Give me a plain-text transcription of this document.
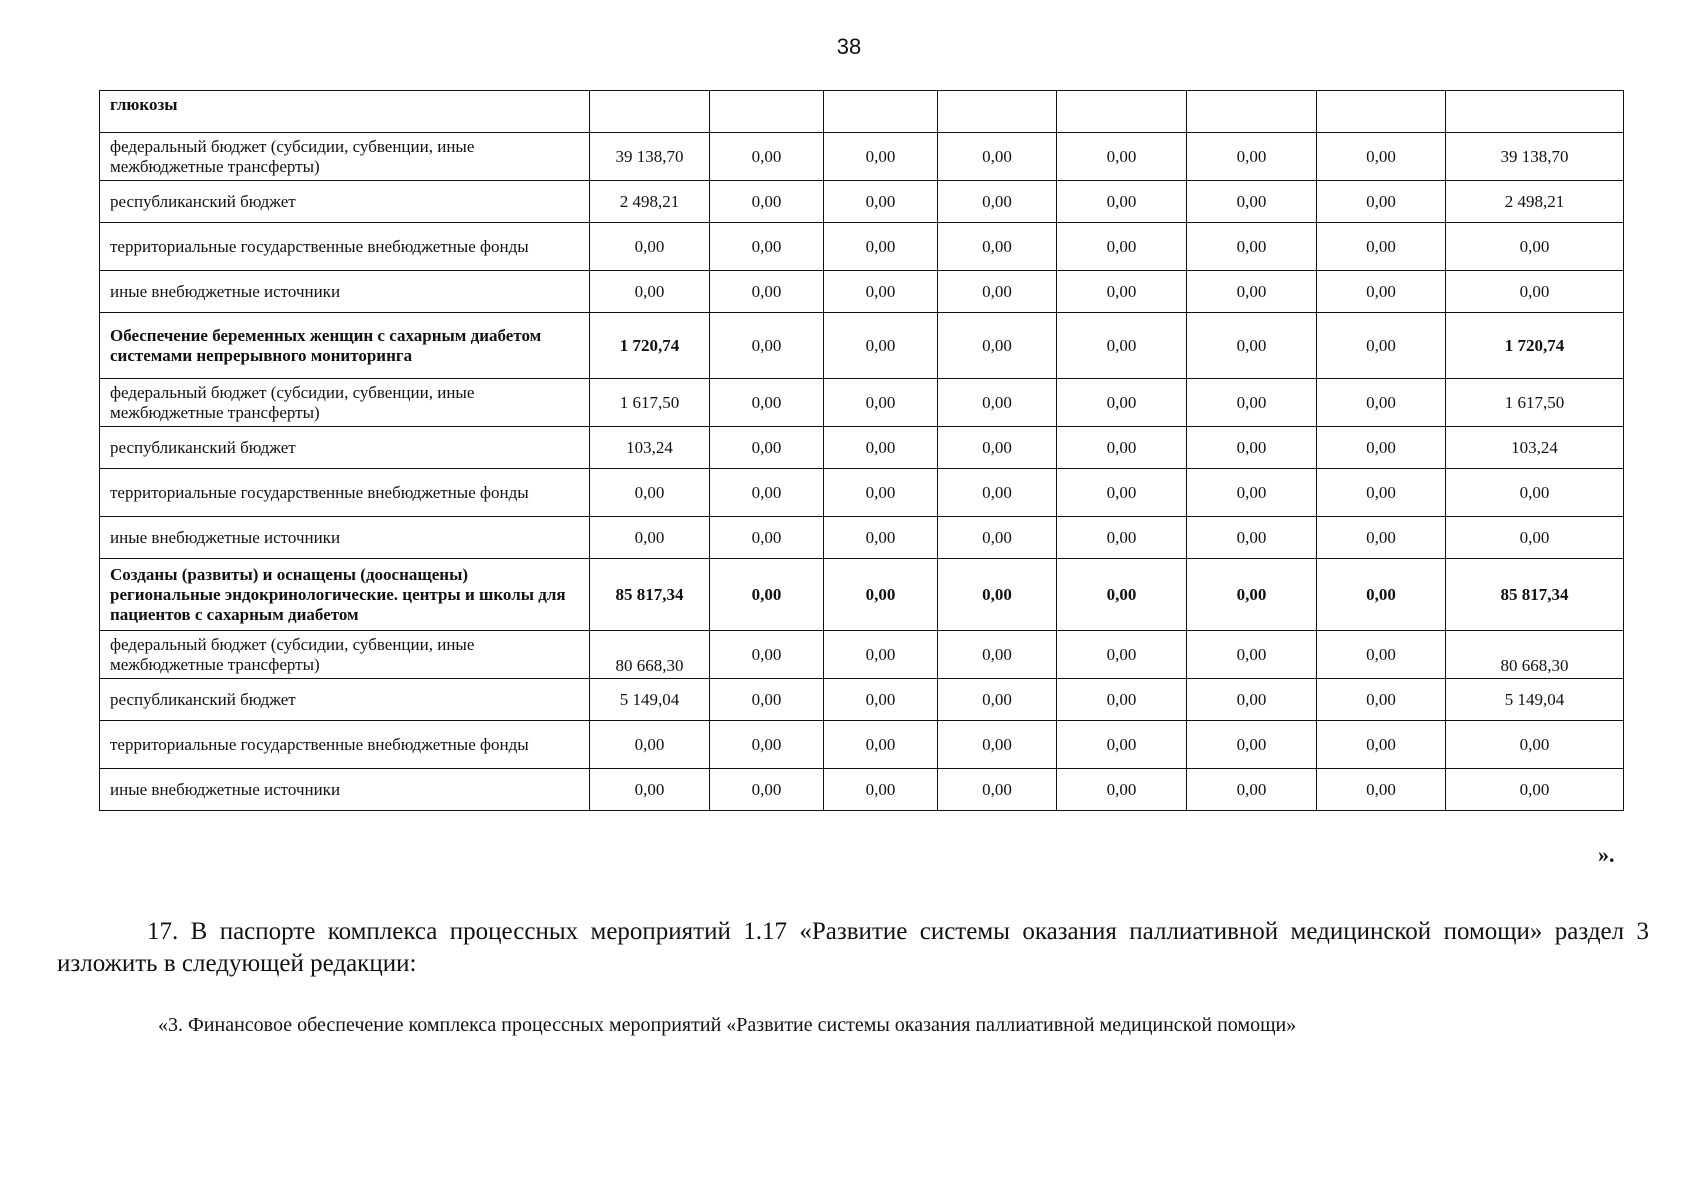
38
глюкозы								
федеральный бюджет (субсидии, субвенции, иные межбюджетные трансферты)	39 138,70	0,00	0,00	0,00	0,00	0,00	0,00	39 138,70
республиканский бюджет	2 498,21	0,00	0,00	0,00	0,00	0,00	0,00	2 498,21
территориальные государственные внебюджетные фонды	0,00	0,00	0,00	0,00	0,00	0,00	0,00	0,00
иные внебюджетные источники	0,00	0,00	0,00	0,00	0,00	0,00	0,00	0,00
Обеспечение беременных женщин с сахарным диабетом системами непрерывного мониторинга	1 720,74	0,00	0,00	0,00	0,00	0,00	0,00	1 720,74
федеральный бюджет (субсидии, субвенции, иные межбюджетные трансферты)	1 617,50	0,00	0,00	0,00	0,00	0,00	0,00	1 617,50
республиканский бюджет	103,24	0,00	0,00	0,00	0,00	0,00	0,00	103,24
территориальные государственные внебюджетные фонды	0,00	0,00	0,00	0,00	0,00	0,00	0,00	0,00
иные внебюджетные источники	0,00	0,00	0,00	0,00	0,00	0,00	0,00	0,00
Созданы (развиты) и оснащены (дооснащены) региональные эндокринологические. центры и школы для пациентов с сахарным диабетом	85 817,34	0,00	0,00	0,00	0,00	0,00	0,00	85 817,34
федеральный бюджет (субсидии, субвенции, иные межбюджетные трансферты)	80 668,30	0,00	0,00	0,00	0,00	0,00	0,00	80 668,30
республиканский бюджет	5 149,04	0,00	0,00	0,00	0,00	0,00	0,00	5 149,04
территориальные государственные внебюджетные фонды	0,00	0,00	0,00	0,00	0,00	0,00	0,00	0,00
иные внебюджетные источники	0,00	0,00	0,00	0,00	0,00	0,00	0,00	0,00
».
17. В паспорте комплекса процессных мероприятий 1.17 «Развитие системы оказания паллиативной медицинской помощи» раздел 3 изложить в следующей редакции:
«3. Финансовое обеспечение комплекса процессных мероприятий «Развитие системы оказания паллиативной медицинской помощи»
